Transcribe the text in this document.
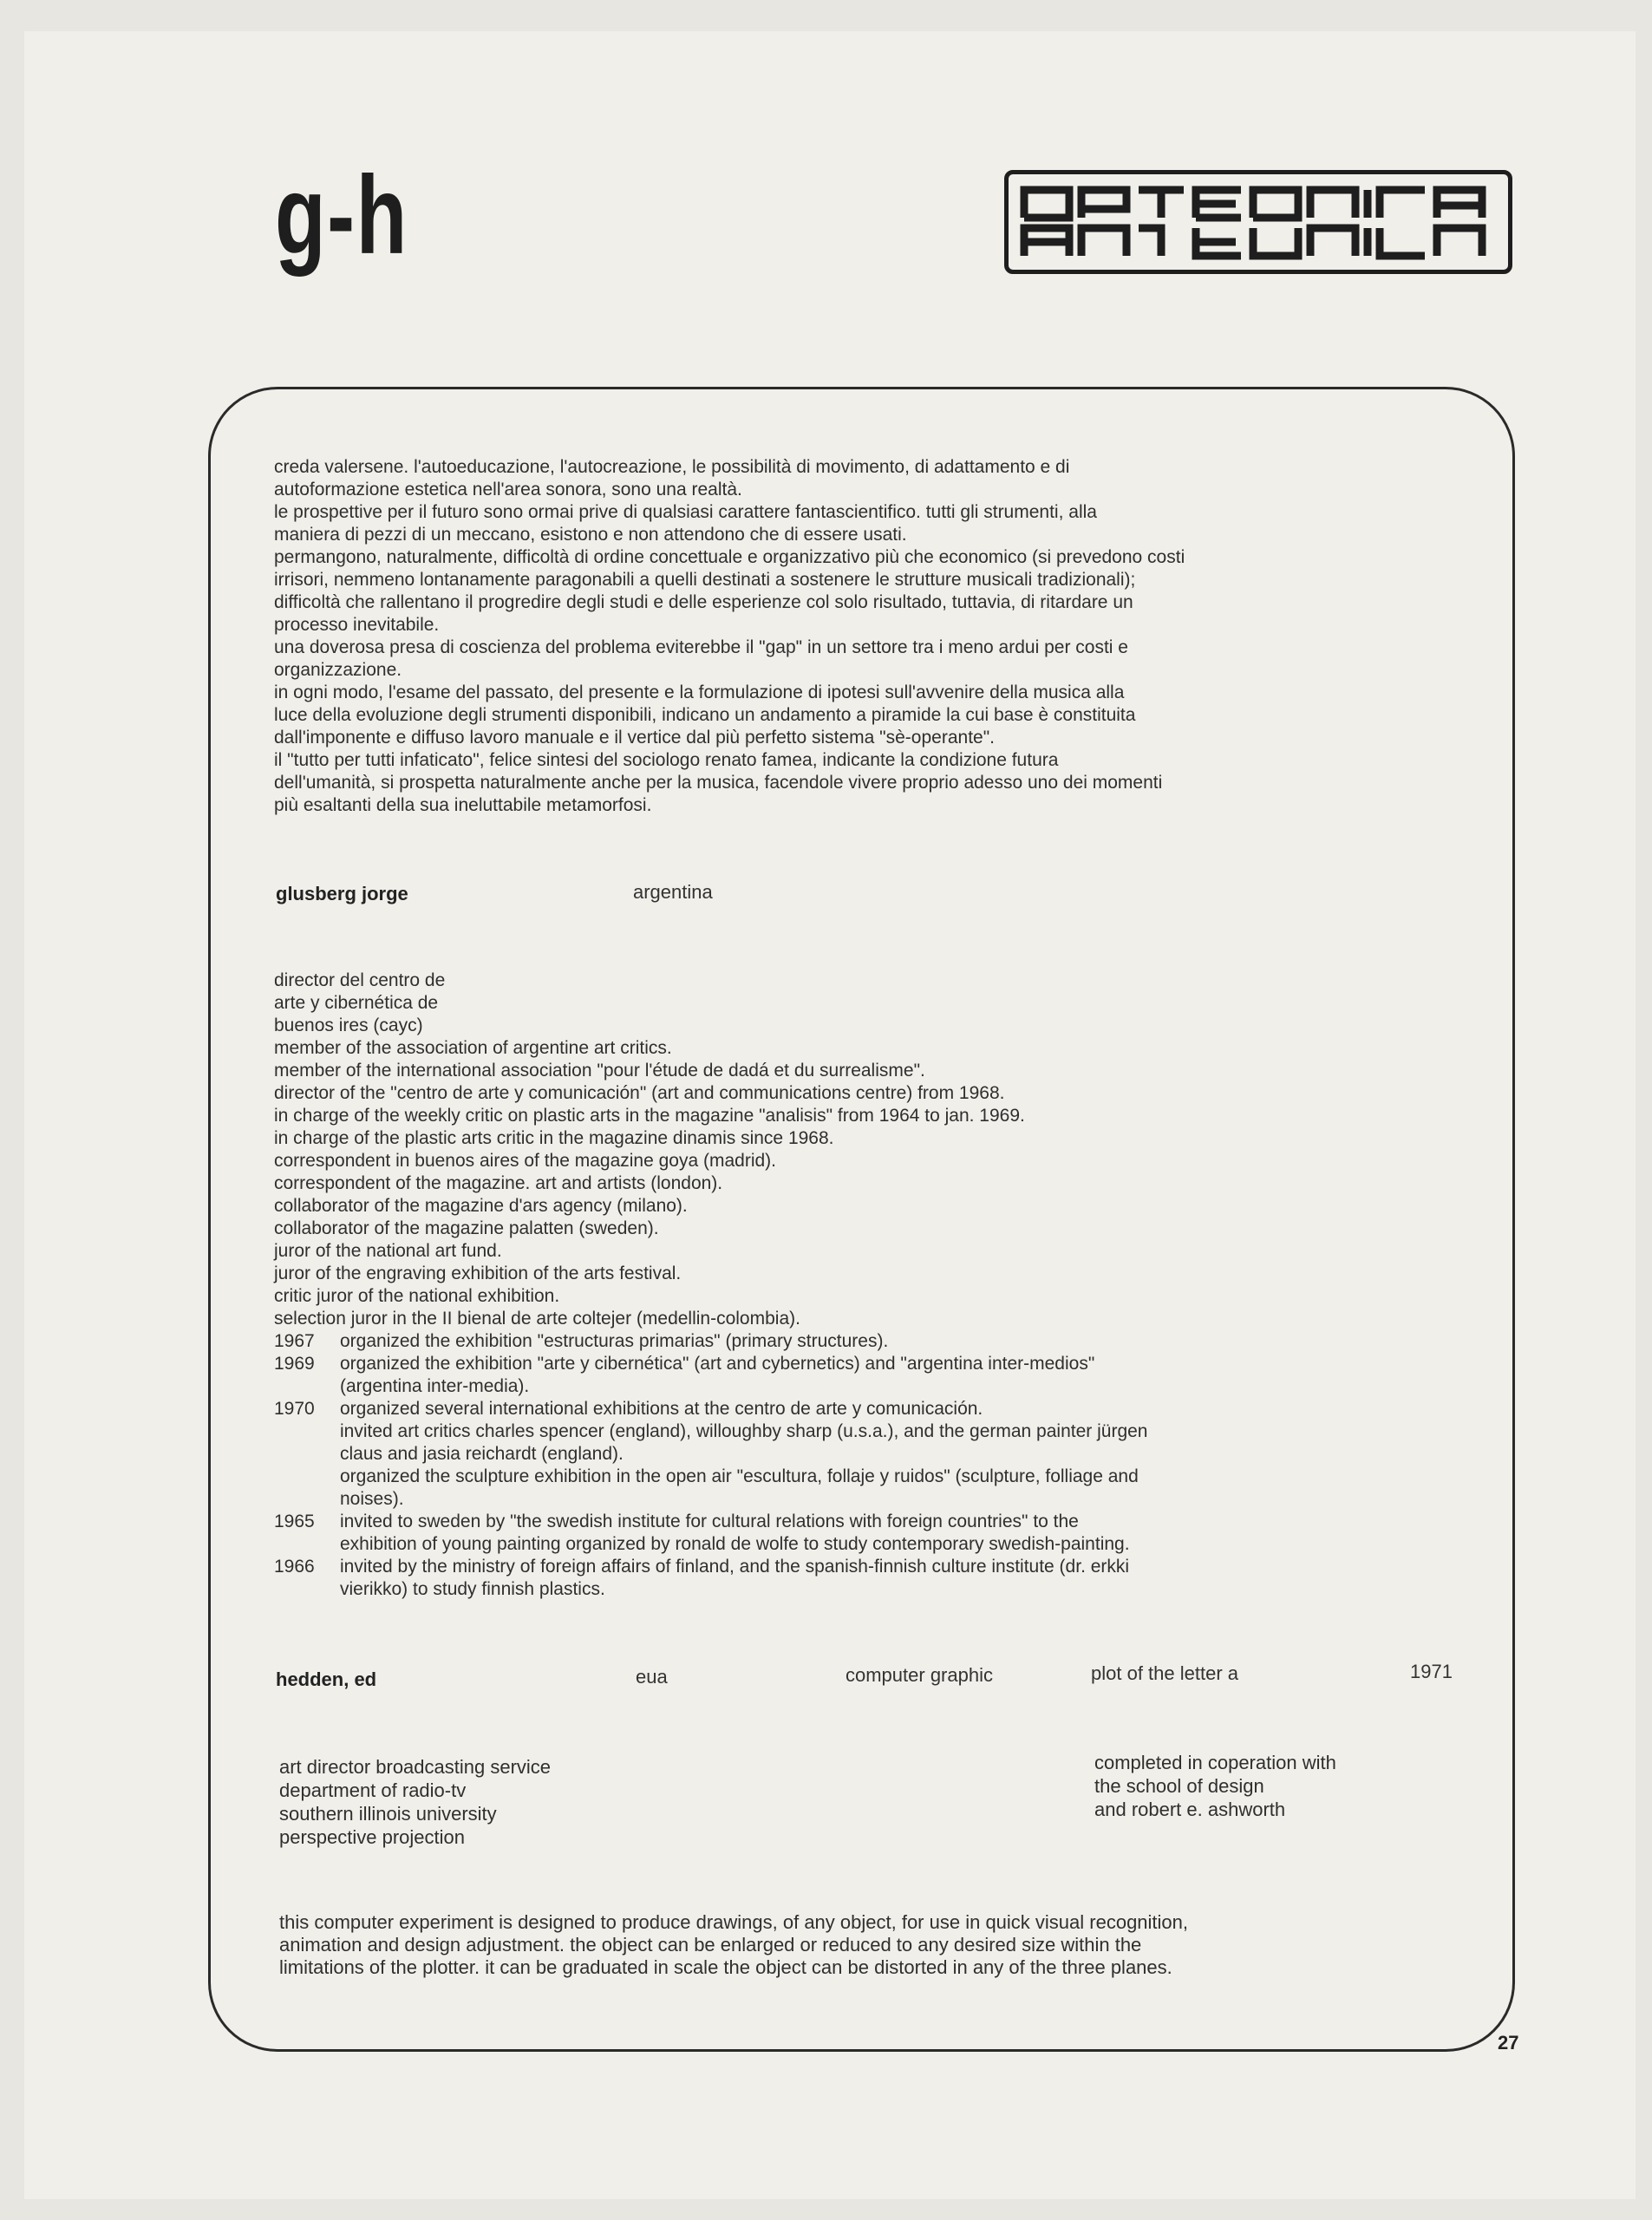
g-h
creda valersene. l'autoeducazione, l'autocreazione, le possibilità di movimento, di adattamento e di
autoformazione estetica nell'area sonora, sono una realtà.
le prospettive per il futuro sono ormai prive di qualsiasi carattere fantascientifico. tutti gli strumenti, alla
maniera di pezzi di un meccano, esistono e non attendono che di essere usati.
permangono, naturalmente, difficoltà di ordine concettuale e organizzativo più che economico (si prevedono costi
irrisori, nemmeno lontanamente paragonabili a quelli destinati a sostenere le strutture musicali tradizionali);
difficoltà che rallentano il progredire degli studi e delle esperienze col solo risultado, tuttavia, di ritardare un
processo inevitabile.
una doverosa presa di coscienza del problema eviterebbe il "gap" in un settore tra i meno ardui per costi e
organizzazione.
in ogni modo, l'esame del passato, del presente e la formulazione di ipotesi sull'avvenire della musica alla
luce della evoluzione degli strumenti disponibili, indicano un andamento a piramide la cui base è constituita
dall'imponente e diffuso lavoro manuale e il vertice dal più perfetto sistema "sè-operante".
il "tutto per tutti infaticato", felice sintesi del sociologo renato famea, indicante la condizione futura
dell'umanità, si prospetta naturalmente anche per la musica, facendole vivere proprio adesso uno dei momenti
più esaltanti della sua ineluttabile metamorfosi.
glusberg jorge	argentina
director del centro de
arte y cibernética de
buenos ires (cayc)
member of the association of argentine art critics.
member of the international association "pour l'étude de dadá et du surrealisme".
director of the "centro de arte y comunicación" (art and communications centre) from 1968.
in charge of the weekly critic on plastic arts in the magazine "analisis" from 1964 to jan. 1969.
in charge of the plastic arts critic in the magazine dinamis since 1968.
correspondent in buenos aires of the magazine goya (madrid).
correspondent of the magazine. art and artists (london).
collaborator of the magazine d'ars agency (milano).
collaborator of the magazine palatten (sweden).
juror of the national art fund.
juror of the engraving exhibition of the arts festival.
critic juror of the national exhibition.
selection juror in the II bienal de arte coltejer (medellin-colombia).
1967	organized the exhibition "estructuras primarias" (primary structures).
1969	organized the exhibition "arte y cibernética" (art and cybernetics) and "argentina inter-medios"
(argentina inter-media).
1970	organized several international exhibitions at the centro de arte y comunicación.
invited art critics charles spencer (england), willoughby sharp (u.s.a.), and the german painter jürgen
claus and jasia reichardt (england).
organized the sculpture exhibition in the open air "escultura, follaje y ruidos" (sculpture, folliage and
noises).
1965	invited to sweden by "the swedish institute for cultural relations with foreign countries" to the
exhibition of young painting organized by ronald de wolfe to study contemporary swedish-painting.
1966	invited by the ministry of foreign affairs of finland, and the spanish-finnish culture institute (dr. erkki
vierikko) to study finnish plastics.
hedden, ed	eua	computer graphic	plot of the letter a	1971
art director broadcasting service
department of radio-tv
southern illinois university
perspective projection
completed in coperation with
the school of design
and robert e. ashworth
this computer experiment is designed to produce drawings, of any object, for use in quick visual recognition,
animation and design adjustment. the object can be enlarged or reduced to any desired size within the
limitations of the plotter. it can be graduated in scale the object can be distorted in any of the three planes.
27
